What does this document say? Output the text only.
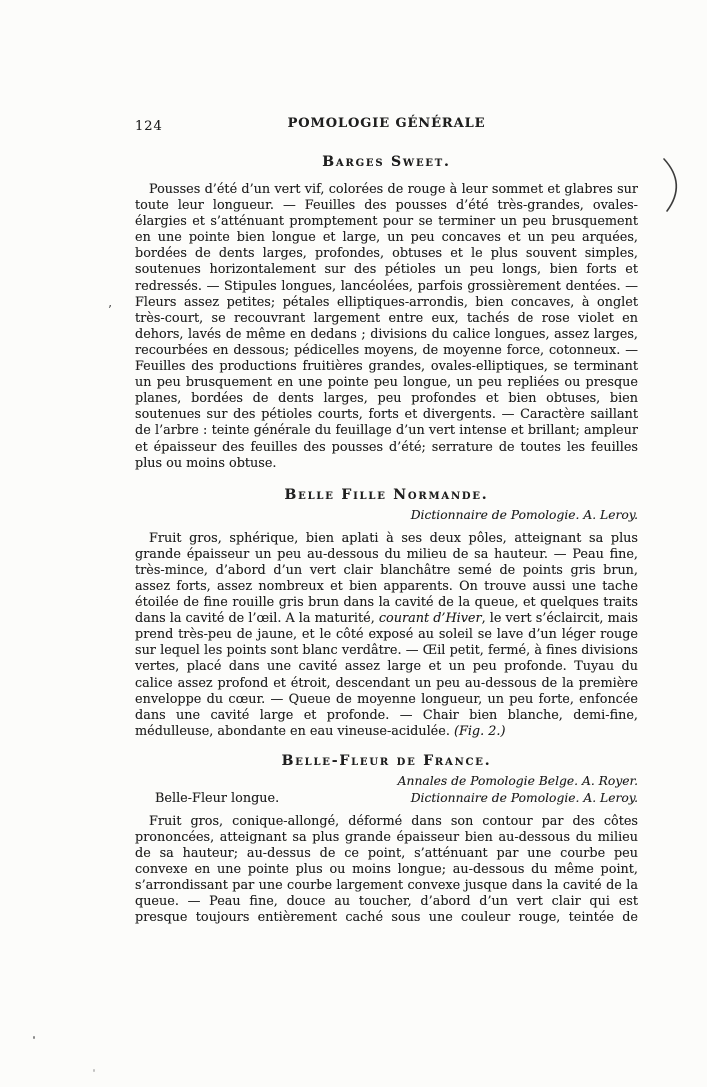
’
124	POMOLOGIE GÉNÉRALE
Barges Sweet.

Pousses d’été d’un vert vif, colorées de rouge à leur sommet et glabres sur toute leur longueur. — Feuilles des pousses d’été très-grandes, ovales-élargies et s’atténuant promptement pour se terminer un peu brusquement en une pointe bien longue et large, un peu concaves et un peu arquées, bordées de dents larges, profondes, obtuses et le plus souvent simples, soutenues horizontalement sur des pétioles un peu longs, bien forts et redressés. — Stipules longues, lancéolées, parfois grossièrement dentées. — Fleurs assez petites; pétales elliptiques-arrondis, bien concaves, à onglet très-court, se recouvrant largement entre eux, tachés de rose violet en dehors, lavés de même en dedans ; divisions du calice longues, assez larges, recourbées en dessous; pédicelles moyens, de moyenne force, cotonneux. — Feuilles des productions fruitières grandes, ovales-elliptiques, se terminant un peu brusquement en une pointe peu longue, un peu repliées ou presque planes, bordées de dents larges, peu profondes et bien obtuses, bien soutenues sur des pétioles courts, forts et divergents. — Caractère saillant de l’arbre : teinte générale du feuillage d’un vert intense et brillant; ampleur et épaisseur des feuilles des pousses d’été; serrature de toutes les feuilles plus ou moins obtuse.

Belle Fille Normande.
Dictionnaire de Pomologie. A. Leroy.

Fruit gros, sphérique, bien aplati à ses deux pôles, atteignant sa plus grande épaisseur un peu au-dessous du milieu de sa hauteur. — Peau fine, très-mince, d’abord d’un vert clair blanchâtre semé de points gris brun, assez forts, assez nombreux et bien apparents. On trouve aussi une tache étoilée de fine rouille gris brun dans la cavité de la queue, et quelques traits dans la cavité de l’œil. A la maturité, courant d’Hiver, le vert s’éclaircit, mais prend très-peu de jaune, et le côté exposé au soleil se lave d’un léger rouge sur lequel les points sont blanc verdâtre. — Œil petit, fermé, à fines divisions vertes, placé dans une cavité assez large et un peu profonde. Tuyau du calice assez profond et étroit, descendant un peu au-dessous de la première enveloppe du cœur. — Queue de moyenne longueur, un peu forte, enfoncée dans une cavité large et profonde. — Chair bien blanche, demi-fine, médulleuse, abondante en eau vineuse-acidulée. (Fig. 2.)

Belle-Fleur de France.
Annales de Pomologie Belge. A. Royer.
Belle-Fleur longue.	Dictionnaire de Pomologie. A. Leroy.

Fruit gros, conique-allongé, déformé dans son contour par des côtes prononcées, atteignant sa plus grande épaisseur bien au-dessous du milieu de sa hauteur; au-dessus de ce point, s’atténuant par une courbe peu convexe en une pointe plus ou moins longue; au-dessous du même point, s’arrondissant par une courbe largement convexe jusque dans la cavité de la queue. — Peau fine, douce au toucher, d’abord d’un vert clair qui est presque toujours entièrement caché sous une couleur rouge, teintée de
